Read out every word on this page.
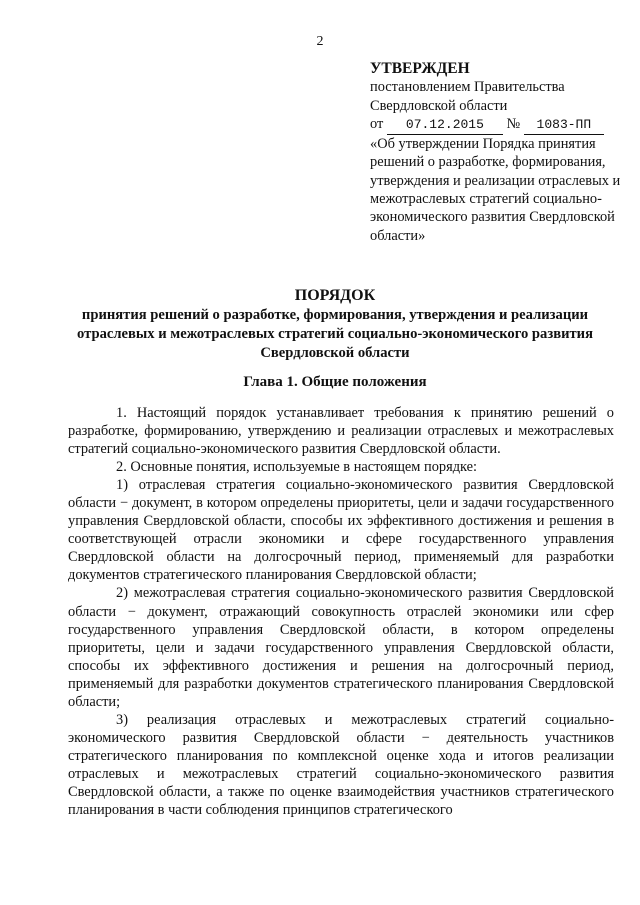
2
УТВЕРЖДЕН
постановлением Правительства
Свердловской области
от 07.12.2015 № 1083-ПП
«Об утверждении Порядка принятия решений о разработке, формирования, утверждения и реализации отраслевых и межотраслевых стратегий социально-экономического развития Свердловской области»
ПОРЯДОК
принятия решений о разработке, формирования, утверждения и реализации отраслевых и межотраслевых стратегий социально-экономического развития Свердловской области
Глава 1. Общие положения

1. Настоящий порядок устанавливает требования к принятию решений о разработке, формированию, утверждению и реализации отраслевых и межотраслевых стратегий социально-экономического развития Свердловской области.

2. Основные понятия, используемые в настоящем порядке:

1) отраслевая стратегия социально-экономического развития Свердловской области − документ, в котором определены приоритеты, цели и задачи государственного управления Свердловской области, способы их эффективного достижения и решения в соответствующей отрасли экономики и сфере государственного управления Свердловской области на долгосрочный период, применяемый для разработки документов стратегического планирования Свердловской области;

2) межотраслевая стратегия социально-экономического развития Свердловской области − документ, отражающий совокупность отраслей экономики или сфер государственного управления Свердловской области, в котором определены приоритеты, цели и задачи государственного управления Свердловской области, способы их эффективного достижения и решения на долгосрочный период, применяемый для разработки документов стратегического планирования Свердловской области;

3) реализация отраслевых и межотраслевых стратегий социально-экономического развития Свердловской области − деятельность участников стратегического планирования по комплексной оценке хода и итогов реализации отраслевых и межотраслевых стратегий социально-экономического развития Свердловской области, а также по оценке взаимодействия участников стратегического планирования в части соблюдения принципов стратегического
